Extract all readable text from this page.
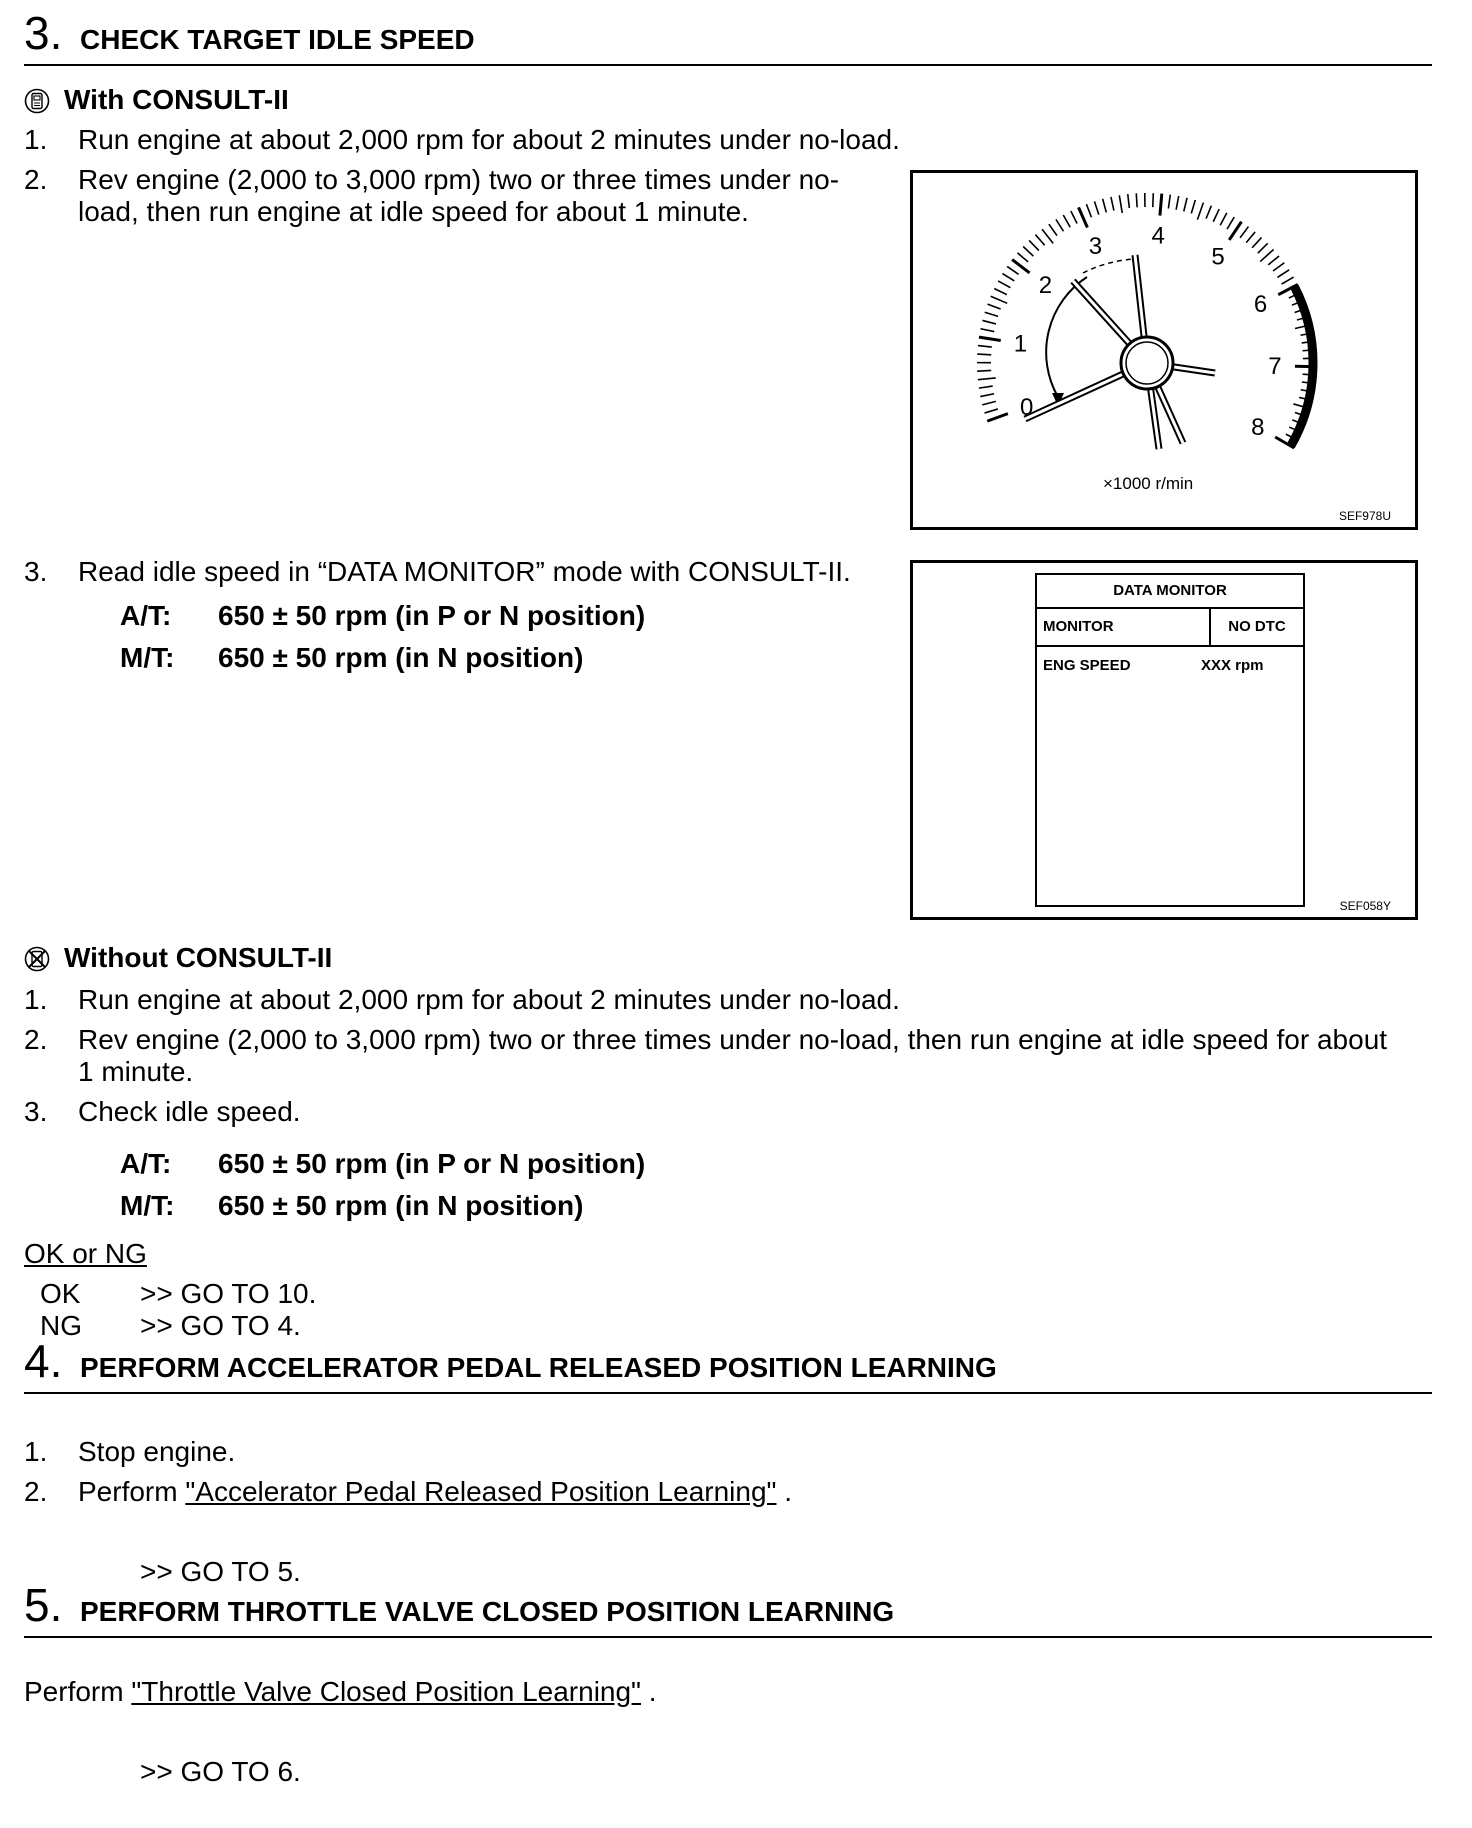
3. CHECK TARGET IDLE SPEED
With CONSULT-II
1. Run engine at about 2,000 rpm for about 2 minutes under no-load.
2. Rev engine (2,000 to 3,000 rpm) two or three times under no-
load, then run engine at idle speed for about 1 minute.
0
1
2
3 4
5
6
7
8
×1000 r/min
SEF978U
3. Read idle speed in “DATA MONITOR” mode with CONSULT-II.
A/T: 650 ± 50 rpm (in P or N position)
M/T: 650 ± 50 rpm (in N position)
DATA MONITOR
MONITOR	NO DTC
ENG SPEED	XXX rpm
SEF058Y
Without CONSULT-II
1. Run engine at about 2,000 rpm for about 2 minutes under no-load.
2. Rev engine (2,000 to 3,000 rpm) two or three times under no-load, then run engine at idle speed for about
1 minute.
3. Check idle speed.
A/T: 650 ± 50 rpm (in P or N position)
M/T: 650 ± 50 rpm (in N position)
OK or NG
OK >> GO TO 10.
NG >> GO TO 4.
4. PERFORM ACCELERATOR PEDAL RELEASED POSITION LEARNING
1. Stop engine.
2. Perform "Accelerator Pedal Released Position Learning" .
>> GO TO 5.
5. PERFORM THROTTLE VALVE CLOSED POSITION LEARNING
Perform "Throttle Valve Closed Position Learning" .
>> GO TO 6.
